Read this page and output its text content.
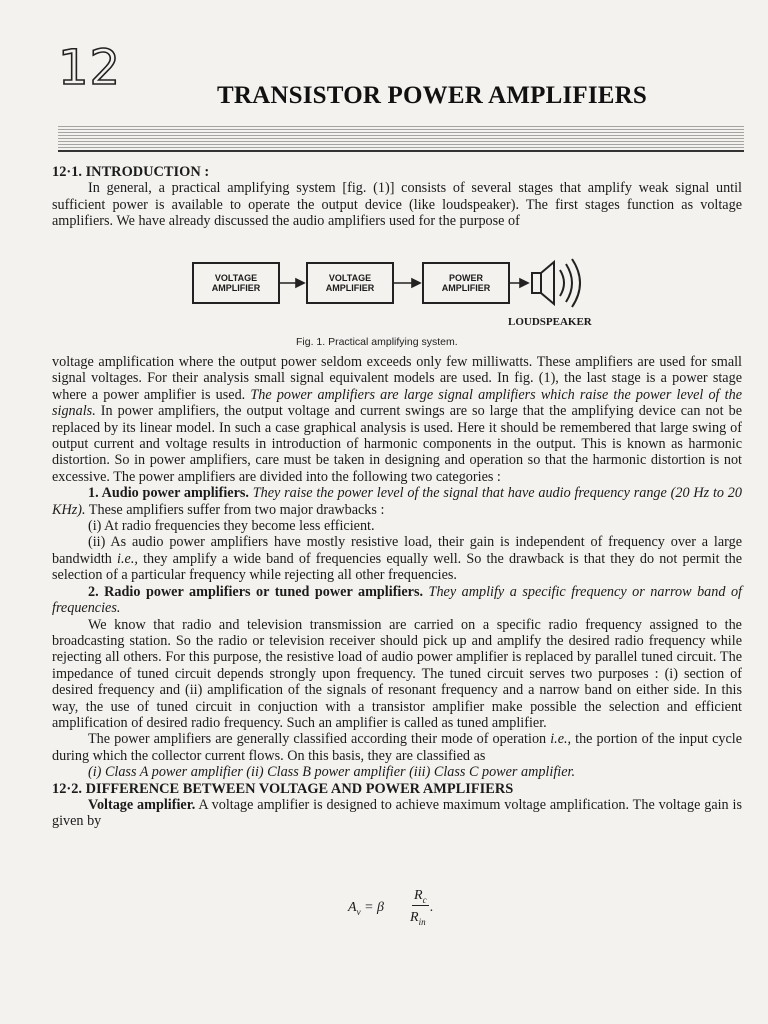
12	TRANSISTOR POWER AMPLIFIERS

12·1. INTRODUCTION :

In general, a practical amplifying system [fig. (1)] consists of several stages that amplify weak signal until sufficient power is available to operate the output device (like loudspeaker). The first stages function as voltage amplifiers. We have already discussed the audio amplifiers used for the purpose of

VOLTAGE AMPLIFIER
VOLTAGE AMPLIFIER
POWER AMPLIFIER
LOUDSPEAKER
Fig. 1. Practical amplifying system.

voltage amplification where the output power seldom exceeds only few milliwatts. These amplifiers are used for small signal voltages. For their analysis small signal equivalent models are used. In fig. (1), the last stage is a power stage where a power amplifier is used. The power amplifiers are large signal amplifiers which raise the power level of the signals. In power amplifiers, the output voltage and current swings are so large that the amplifying device can not be replaced by its linear model. In such a case graphical analysis is used. Here it should be remembered that large swing of output current and voltage results in introduction of harmonic components in the output. This is known as harmonic distortion. So in power amplifiers, care must be taken in designing and operation so that the harmonic distortion is not excessive. The power amplifiers are divided into the following two categories :

1. Audio power amplifiers. They raise the power level of the signal that have audio frequency range (20 Hz to 20 KHz). These amplifiers suffer from two major drawbacks :

(i) At radio frequencies they become less efficient.

(ii) As audio power amplifiers have mostly resistive load, their gain is independent of frequency over a large bandwidth i.e., they amplify a wide band of frequencies equally well. So the drawback is that they do not permit the selection of a particular frequency while rejecting all other frequencies.

2. Radio power amplifiers or tuned power amplifiers. They amplify a specific frequency or narrow band of frequencies.

We know that radio and television transmission are carried on a specific radio frequency assigned to the broadcasting station. So the radio or television receiver should pick up and amplify the desired radio frequency while rejecting all others. For this purpose, the resistive load of audio power amplifier is replaced by parallel tuned circuit. The impedance of tuned circuit depends strongly upon frequency. The tuned circuit serves two purposes : (i) section of desired frequency and (ii) amplification of the signals of resonant frequency and a narrow band on either side. In this way, the use of tuned circuit in conjuction with a transistor amplifier make possible the selection and efficient amplification of desired radio frequency. Such an amplifier is called as tuned amplifier.

The power amplifiers are generally classified according their mode of operation i.e., the portion of the input cycle during which the collector current flows. On this basis, they are classified as

(i) Class A power amplifier (ii) Class B power amplifier (iii) Class C power amplifier.

12·2. DIFFERENCE BETWEEN VOLTAGE AND POWER AMPLIFIERS

Voltage amplifier. A voltage amplifier is designed to achieve maximum voltage amplification. The voltage gain is given by

$A_v = \beta$
$R_c$
.
$R_{in}$
